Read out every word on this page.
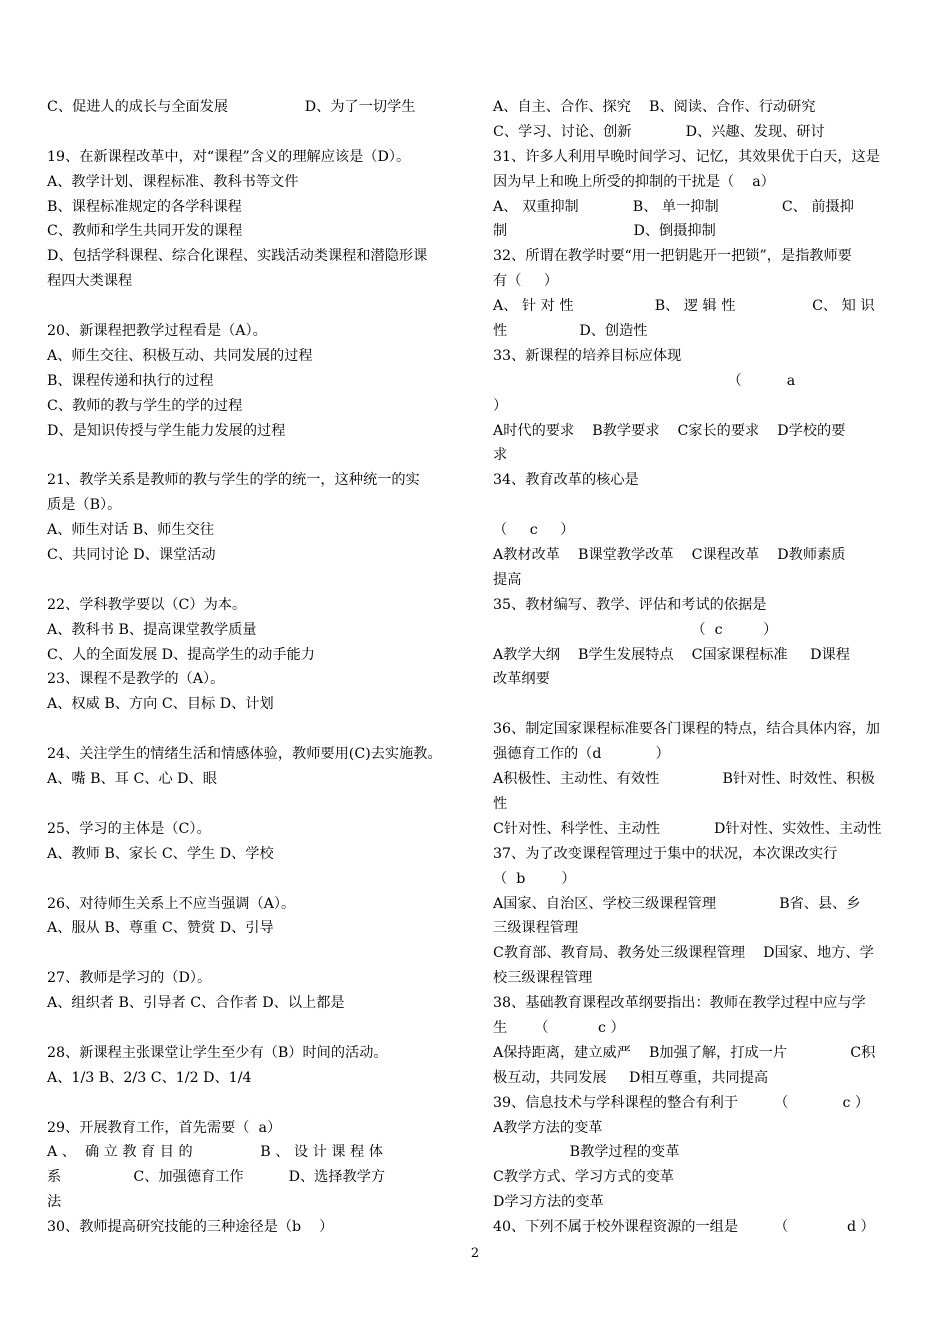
C、促进人的成长与全面发展                 D、为了一切学生
19、在新课程改革中，对“课程”含义的理解应该是（D）。
A、教学计划、课程标准、教科书等文件
B、课程标准规定的各学科课程
C、教师和学生共同开发的课程
D、包括学科课程、综合化课程、实践活动类课程和潜隐形课
程四大类课程
20、新课程把教学过程看是（A）。
A、师生交往、积极互动、共同发展的过程
B、课程传递和执行的过程
C、教师的教与学生的学的过程
D、是知识传授与学生能力发展的过程
21、教学关系是教师的教与学生的学的统一，这种统一的实
质是（B）。
A、师生对话 B、师生交往
C、共同讨论 D、课堂活动
22、学科教学要以（C）为本。
A、教科书 B、提高课堂教学质量
C、人的全面发展 D、提高学生的动手能力
23、课程不是教学的（A）。
A、权威 B、方向 C、目标 D、计划
24、关注学生的情绪生活和情感体验，教师要用(C)去实施教。
A、嘴 B、耳 C、心 D、眼
25、学习的主体是（C）。
A、教师 B、家长 C、学生 D、学校
26、对待师生关系上不应当强调（A）。
A、服从 B、尊重 C、赞赏 D、引导
27、教师是学习的（D）。
A、组织者 B、引导者 C、合作者 D、以上都是
28、新课程主张课堂让学生至少有（B）时间的活动。
A、1/3 B、2/3 C、1/2 D、1/4
29、开展教育工作，首先需要（  a）
A 、  确 立 教 育 目 的               B 、 设 计 课 程 体
系                C、加强德育工作          D、选择教学方
法
30、教师提高研究技能的三种途径是（b    ）
A、自主、合作、探究    B、阅读、合作、行动研究
C、学习、讨论、创新            D、兴趣、发现、研讨
31、许多人利用早晚时间学习、记忆，其效果优于白天，这是
因为早上和晚上所受的抑制的干扰是（    a）
A、 双重抑制            B、 单一抑制              C、 前摄抑
制                            D、倒摄抑制
32、所谓在教学时要“用一把钥匙开一把锁”，是指教师要
有（     ）
A、 针 对 性                  B、 逻 辑 性                 C、 知 识
性                D、创造性
33、新课程的培养目标应体现
（          a
）
A时代的要求    B教学要求    C家长的要求    D学校的要
求
34、教育改革的核心是
（     c     ）
A教材改革    B课堂教学改革    C课程改革    D教师素质
提高
35、教材编写、教学、评估和考试的依据是
（  c         ）
A教学大纲    B学生发展特点    C国家课程标准     D课程
改革纲要
36、制定国家课程标准要各门课程的特点，结合具体内容，加
强德育工作的（d            ）
A积极性、主动性、有效性              B针对性、时效性、积极
性
C针对性、科学性、主动性            D针对性、实效性、主动性
37、为了改变课程管理过于集中的状况，本次课改实行
（  b        ）
A国家、自治区、学校三级课程管理              B省、县、乡
三级课程管理
C教育部、教育局、教务处三级课程管理    D国家、地方、学
校三级课程管理
38、基础教育课程改革纲要指出：教师在教学过程中应与学
生      （           c ）
A保持距离，建立威严    B加强了解，打成一片              C积
极互动，共同发展     D相互尊重，共同提高
39、信息技术与学科课程的整合有利于        （            c ）
A教学方法的变革
B教学过程的变革
C教学方式、学习方式的变革
D学习方法的变革
40、下列不属于校外课程资源的一组是        （             d ）
2
